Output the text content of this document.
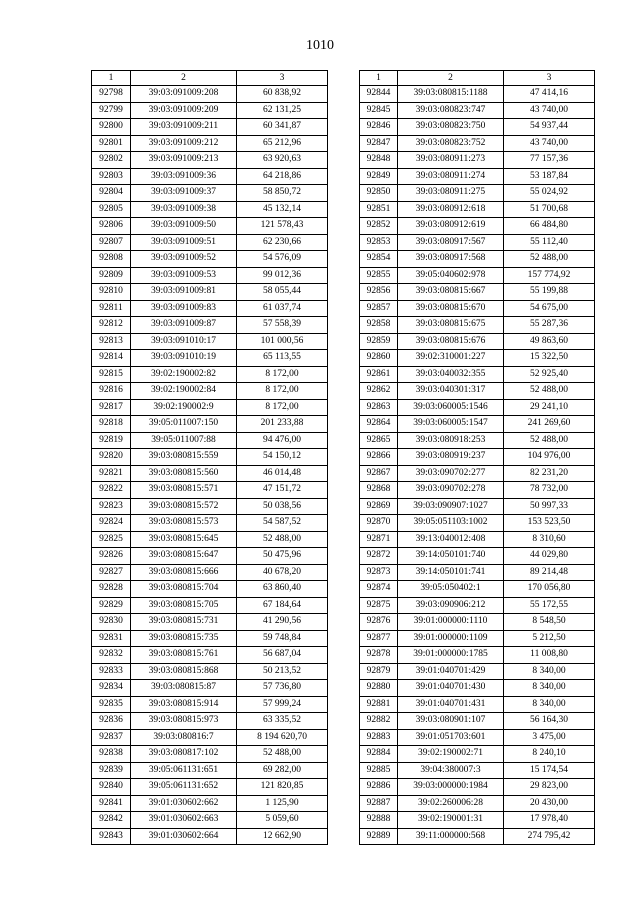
1010
1	2	3
92798	39:03:091009:208	60 838,92
92799	39:03:091009:209	62 131,25
92800	39:03:091009:211	60 341,87
92801	39:03:091009:212	65 212,96
92802	39:03:091009:213	63 920,63
92803	39:03:091009:36	64 218,86
92804	39:03:091009:37	58 850,72
92805	39:03:091009:38	45 132,14
92806	39:03:091009:50	121 578,43
92807	39:03:091009:51	62 230,66
92808	39:03:091009:52	54 576,09
92809	39:03:091009:53	99 012,36
92810	39:03:091009:81	58 055,44
92811	39:03:091009:83	61 037,74
92812	39:03:091009:87	57 558,39
92813	39:03:091010:17	101 000,56
92814	39:03:091010:19	65 113,55
92815	39:02:190002:82	8 172,00
92816	39:02:190002:84	8 172,00
92817	39:02:190002:9	8 172,00
92818	39:05:011007:150	201 233,88
92819	39:05:011007:88	94 476,00
92820	39:03:080815:559	54 150,12
92821	39:03:080815:560	46 014,48
92822	39:03:080815:571	47 151,72
92823	39:03:080815:572	50 038,56
92824	39:03:080815:573	54 587,52
92825	39:03:080815:645	52 488,00
92826	39:03:080815:647	50 475,96
92827	39:03:080815:666	40 678,20
92828	39:03:080815:704	63 860,40
92829	39:03:080815:705	67 184,64
92830	39:03:080815:731	41 290,56
92831	39:03:080815:735	59 748,84
92832	39:03:080815:761	56 687,04
92833	39:03:080815:868	50 213,52
92834	39:03:080815:87	57 736,80
92835	39:03:080815:914	57 999,24
92836	39:03:080815:973	63 335,52
92837	39:03:080816:7	8 194 620,70
92838	39:03:080817:102	52 488,00
92839	39:05:061131:651	69 282,00
92840	39:05:061131:652	121 820,85
92841	39:01:030602:662	1 125,90
92842	39:01:030602:663	5 059,60
92843	39:01:030602:664	12 662,90
1	2	3
92844	39:03:080815:1188	47 414,16
92845	39:03:080823:747	43 740,00
92846	39:03:080823:750	54 937,44
92847	39:03:080823:752	43 740,00
92848	39:03:080911:273	77 157,36
92849	39:03:080911:274	53 187,84
92850	39:03:080911:275	55 024,92
92851	39:03:080912:618	51 700,68
92852	39:03:080912:619	66 484,80
92853	39:03:080917:567	55 112,40
92854	39:03:080917:568	52 488,00
92855	39:05:040602:978	157 774,92
92856	39:03:080815:667	55 199,88
92857	39:03:080815:670	54 675,00
92858	39:03:080815:675	55 287,36
92859	39:03:080815:676	49 863,60
92860	39:02:310001:227	15 322,50
92861	39:03:040032:355	52 925,40
92862	39:03:040301:317	52 488,00
92863	39:03:060005:1546	29 241,10
92864	39:03:060005:1547	241 269,60
92865	39:03:080918:253	52 488,00
92866	39:03:080919:237	104 976,00
92867	39:03:090702:277	82 231,20
92868	39:03:090702:278	78 732,00
92869	39:03:090907:1027	50 997,33
92870	39:05:051103:1002	153 523,50
92871	39:13:040012:408	8 310,60
92872	39:14:050101:740	44 029,80
92873	39:14:050101:741	89 214,48
92874	39:05:050402:1	170 056,80
92875	39:03:090906:212	55 172,55
92876	39:01:000000:1110	8 548,50
92877	39:01:000000:1109	5 212,50
92878	39:01:000000:1785	11 008,80
92879	39:01:040701:429	8 340,00
92880	39:01:040701:430	8 340,00
92881	39:01:040701:431	8 340,00
92882	39:03:080901:107	56 164,30
92883	39:01:051703:601	3 475,00
92884	39:02:190002:71	8 240,10
92885	39:04:380007:3	15 174,54
92886	39:03:000000:1984	29 823,00
92887	39:02:260006:28	20 430,00
92888	39:02:190001:31	17 978,40
92889	39:11:000000:568	274 795,42
